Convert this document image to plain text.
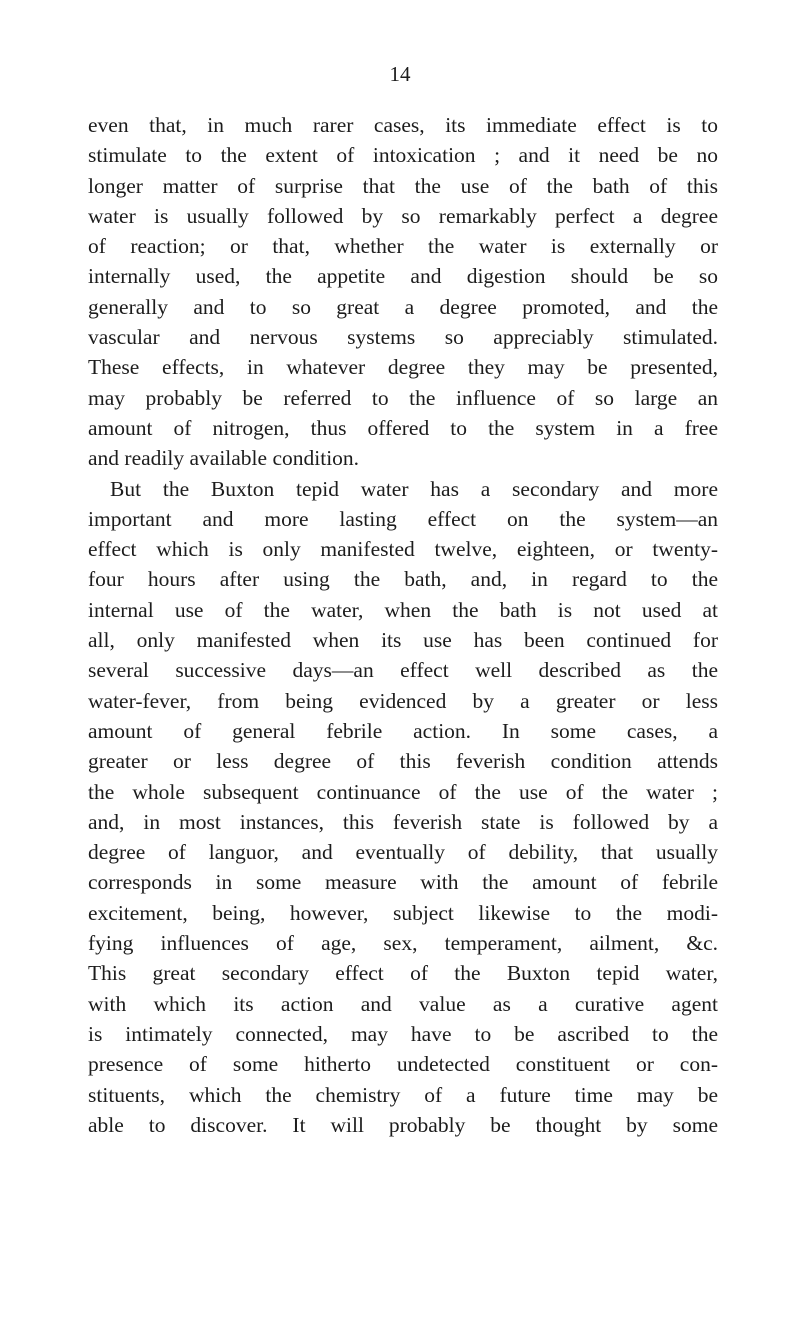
14
even that, in much rarer cases, its immediate effect is to
stimulate to the extent of intoxication ; and it need be no
longer matter of surprise that the use of the bath of this
water is usually followed by so remarkably perfect a degree
of reaction; or that, whether the water is externally or
internally used, the appetite and digestion should be so
generally and to so great a degree promoted, and the
vascular and nervous systems so appreciably stimulated.
These effects, in whatever degree they may be presented,
may probably be referred to the influence of so large an
amount of nitrogen, thus offered to the system in a free
and readily available condition.
But the Buxton tepid water has a secondary and more
important and more lasting effect on the system—an
effect which is only manifested twelve, eighteen, or twenty-
four hours after using the bath, and, in regard to the
internal use of the water, when the bath is not used at
all, only manifested when its use has been continued for
several successive days—an effect well described as the
water-fever, from being evidenced by a greater or less
amount of general febrile action. In some cases, a
greater or less degree of this feverish condition attends
the whole subsequent continuance of the use of the water ;
and, in most instances, this feverish state is followed by a
degree of languor, and eventually of debility, that usually
corresponds in some measure with the amount of febrile
excitement, being, however, subject likewise to the modi-
fying influences of age, sex, temperament, ailment, &c.
This great secondary effect of the Buxton tepid water,
with which its action and value as a curative agent
is intimately connected, may have to be ascribed to the
presence of some hitherto undetected constituent or con-
stituents, which the chemistry of a future time may be
able to discover. It will probably be thought by some
